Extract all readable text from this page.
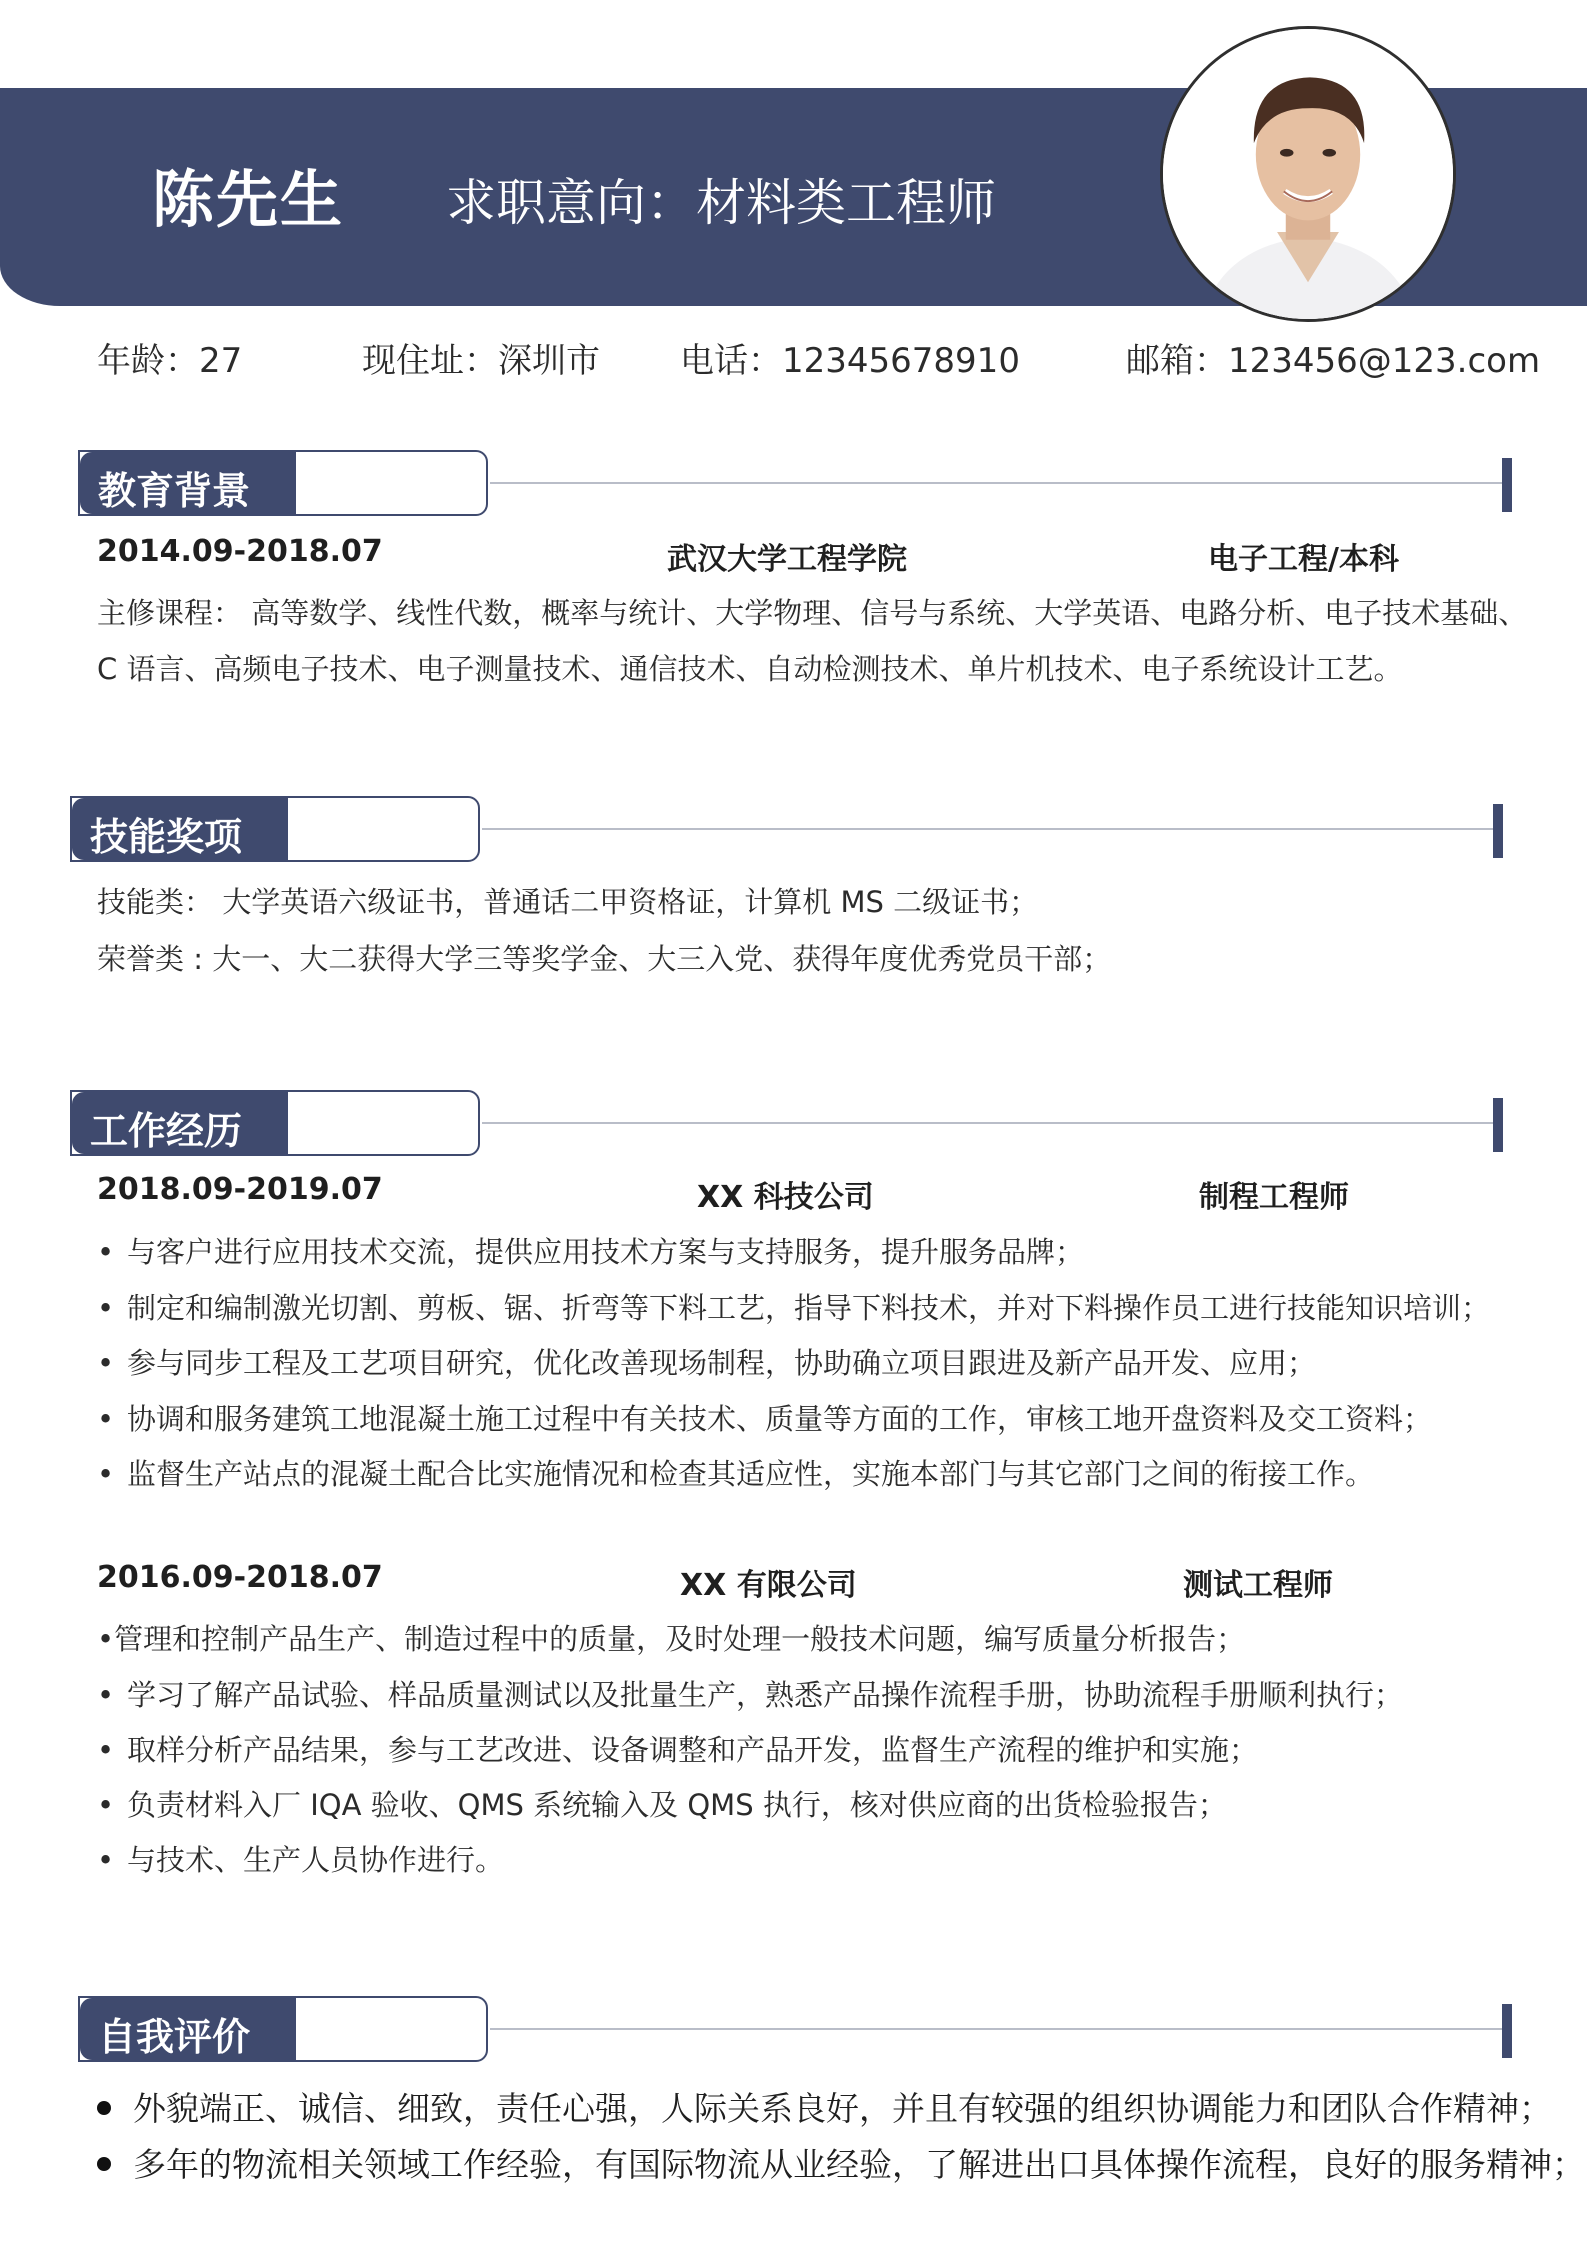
陈先生 求职意向：材料类工程师
年龄：27	现住址：深圳市 电话：12345678910	邮箱：123456@123.com
教育背景
2014.09-2018.07	武汉大学工程学院	电子工程/本科
主修课程： 高等数学、线性代数，概率与统计、大学物理、信号与系统、大学英语、电路分析、电子技术基础、
C 语言、高频电子技术、电子测量技术、通信技术、自动检测技术、单片机技术、电子系统设计工艺。
技能奖项
技能类： 大学英语六级证书，普通话二甲资格证，计算机 MS 二级证书；
荣誉类 : 大一、大二获得大学三等奖学金、大三入党、获得年度优秀党员干部；
工作经历
2018.09-2019.07	XX 科技公司	制程工程师
• 与客户进行应用技术交流，提供应用技术方案与支持服务，提升服务品牌；
• 制定和编制激光切割、剪板、锯、折弯等下料工艺，指导下料技术，并对下料操作员工进行技能知识培训；
• 参与同步工程及工艺项目研究，优化改善现场制程，协助确立项目跟进及新产品开发、应用；
• 协调和服务建筑工地混凝土施工过程中有关技术、质量等方面的工作，审核工地开盘资料及交工资料；
• 监督生产站点的混凝土配合比实施情况和检查其适应性，实施本部门与其它部门之间的衔接工作。
2016.09-2018.07	XX 有限公司	测试工程师
•管理和控制产品生产、制造过程中的质量，及时处理一般技术问题，编写质量分析报告；
• 学习了解产品试验、样品质量测试以及批量生产，熟悉产品操作流程手册，协助流程手册顺利执行；
• 取样分析产品结果，参与工艺改进、设备调整和产品开发，监督生产流程的维护和实施；
• 负责材料入厂 IQA 验收、QMS 系统输入及 QMS 执行，核对供应商的出货检验报告；
• 与技术、生产人员协作进行。
自我评价
外貌端正、诚信、细致，责任心强，人际关系良好，并且有较强的组织协调能力和团队合作精神；
多年的物流相关领域工作经验，有国际物流从业经验，了解进出口具体操作流程，良好的服务精神；
